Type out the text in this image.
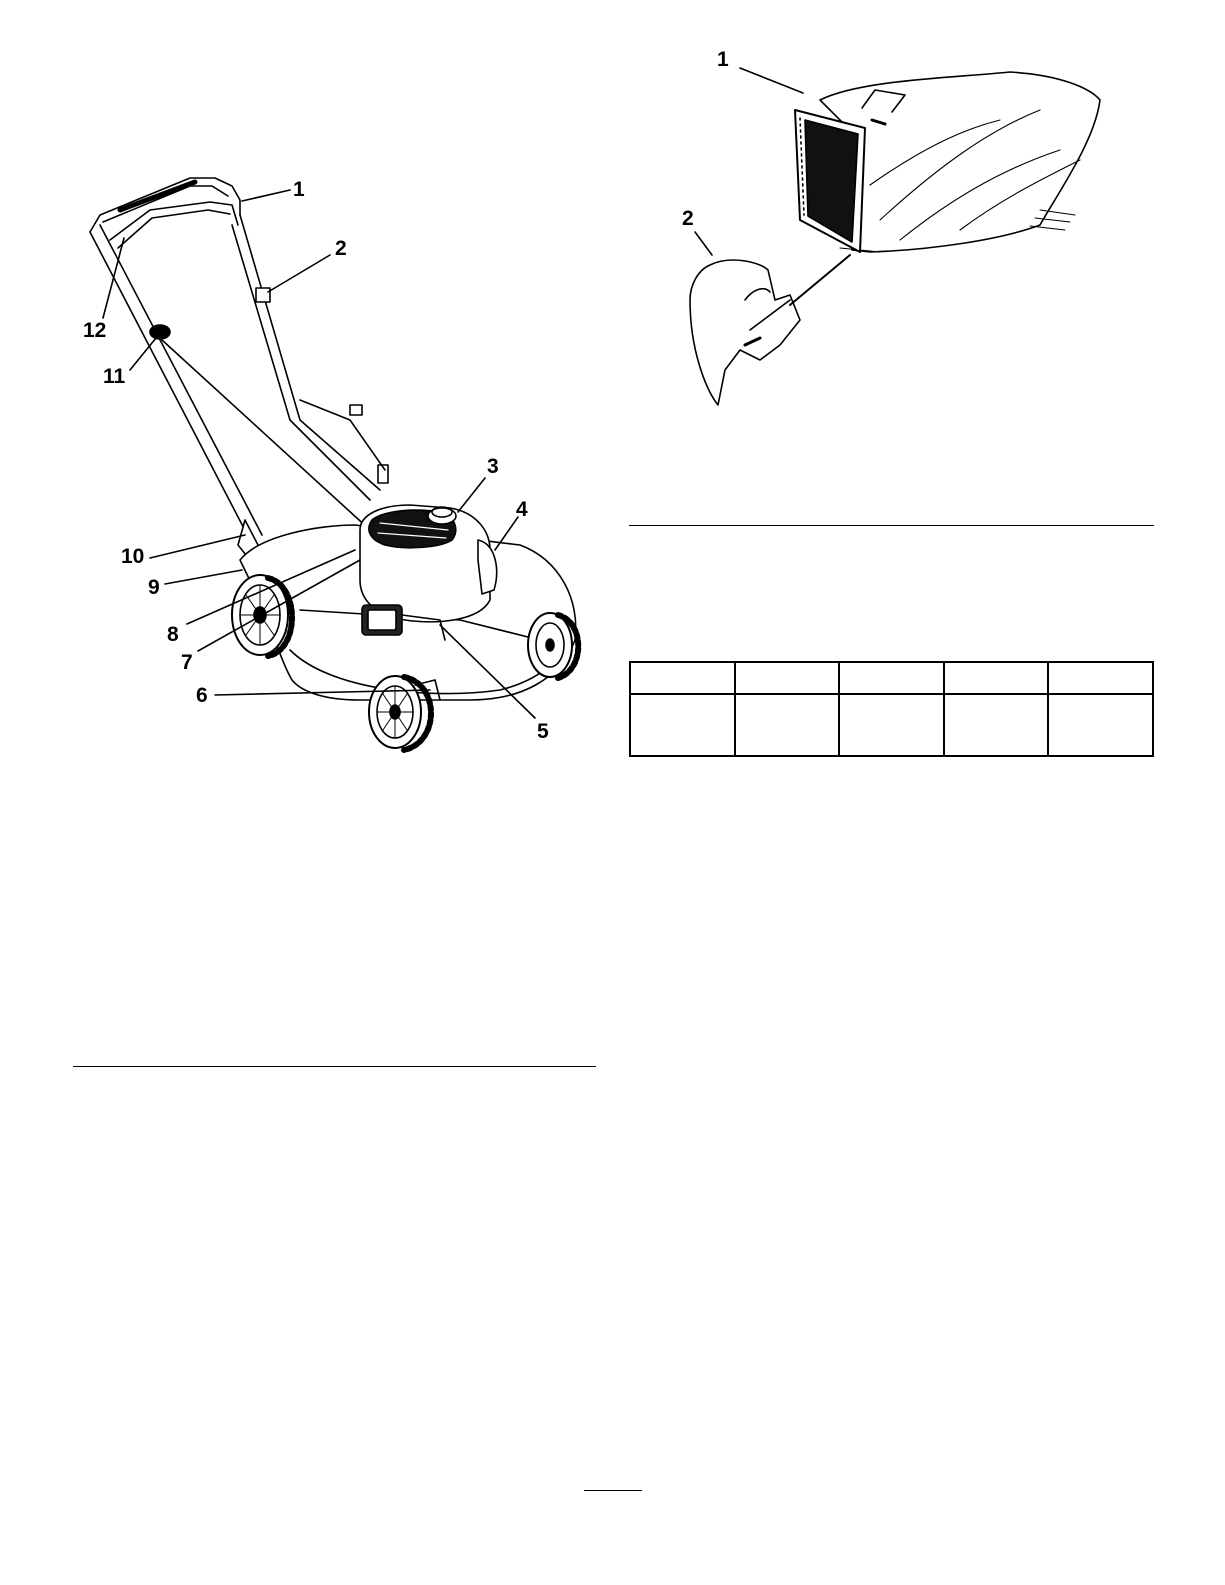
1
2
3
4
5
6
7
8
9
10
11
12
1
2
